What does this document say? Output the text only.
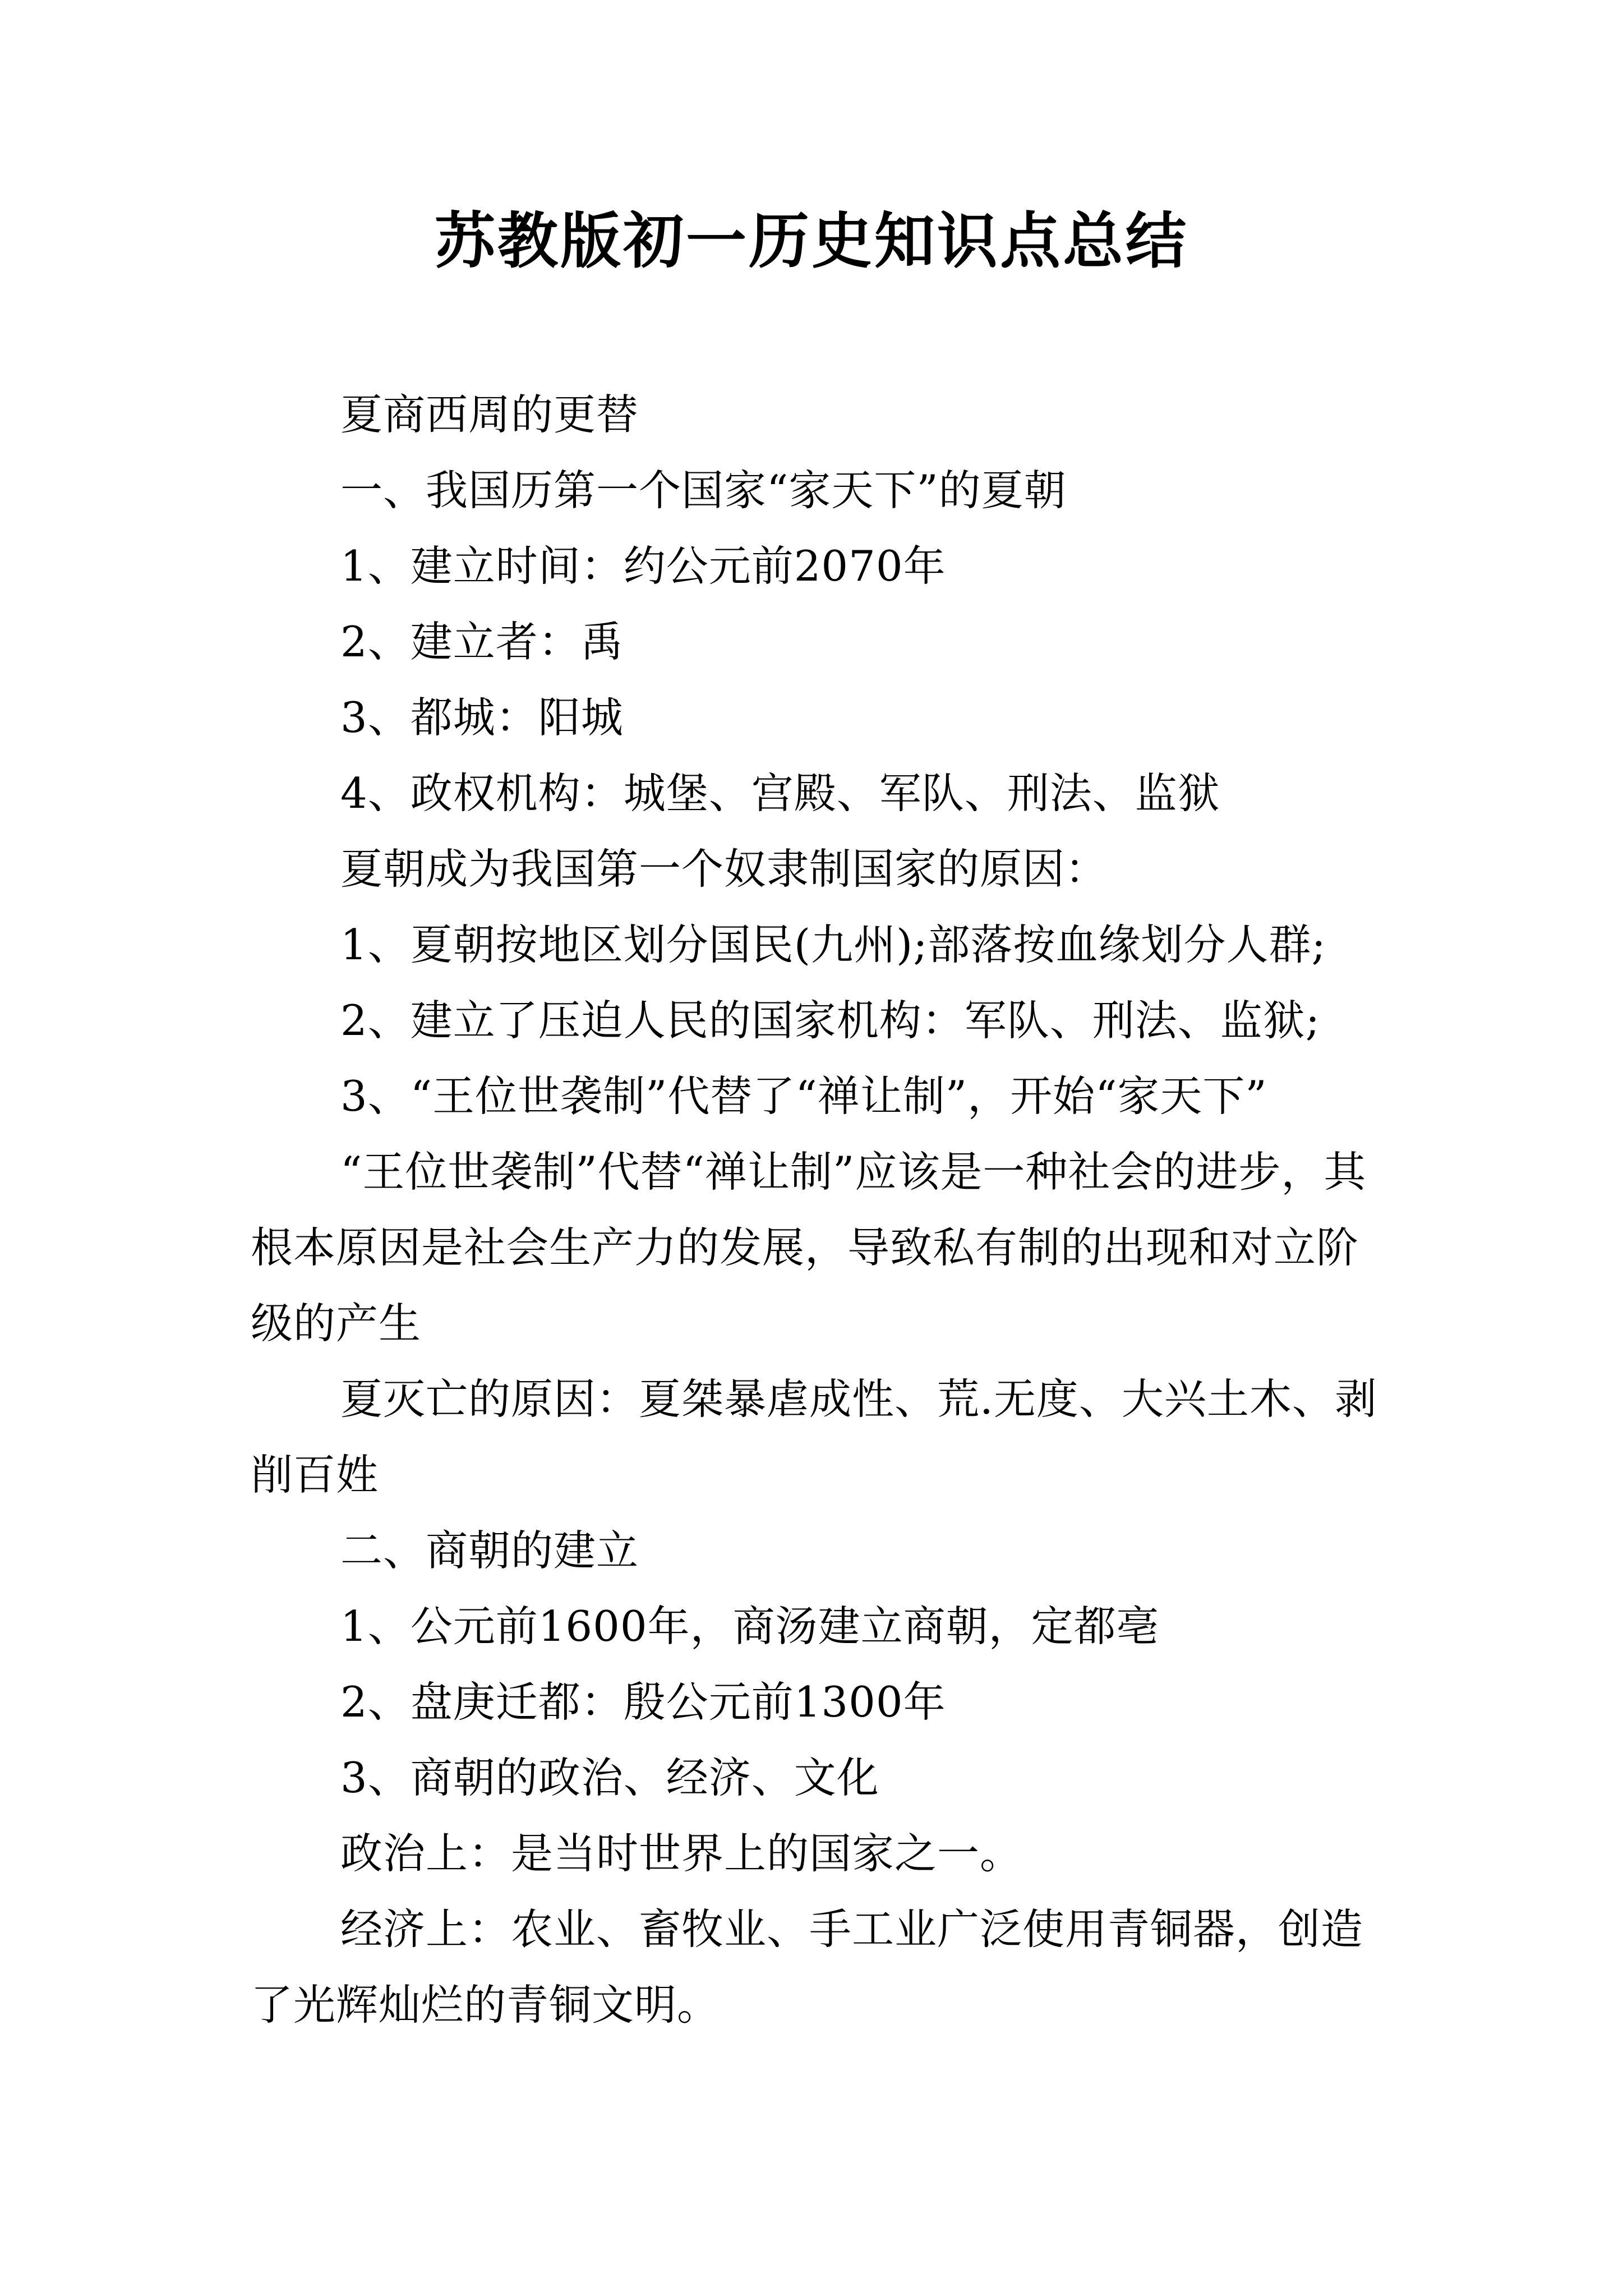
苏教版初一历史知识点总结

夏商西周的更替

一、我国历第一个国家“家天下”的夏朝

1、建立时间：约公元前2070年

2、建立者：禹

3、都城：阳城

4、政权机构：城堡、宫殿、军队、刑法、监狱

夏朝成为我国第一个奴隶制国家的原因：

1、夏朝按地区划分国民(九州);部落按血缘划分人群;

2、建立了压迫人民的国家机构：军队、刑法、监狱;

3、“王位世袭制”代替了“禅让制”，开始“家天下”

“王位世袭制”代替“禅让制”应该是一种社会的进步，其根本原因是社会生产力的发展，导致私有制的出现和对立阶级的产生

夏灭亡的原因：夏桀暴虐成性、荒.无度、大兴土木、剥削百姓

二、商朝的建立

1、公元前1600年，商汤建立商朝，定都亳

2、盘庚迁都：殷公元前1300年

3、商朝的政治、经济、文化

政治上：是当时世界上的国家之一。

经济上：农业、畜牧业、手工业广泛使用青铜器，创造了光辉灿烂的青铜文明。
